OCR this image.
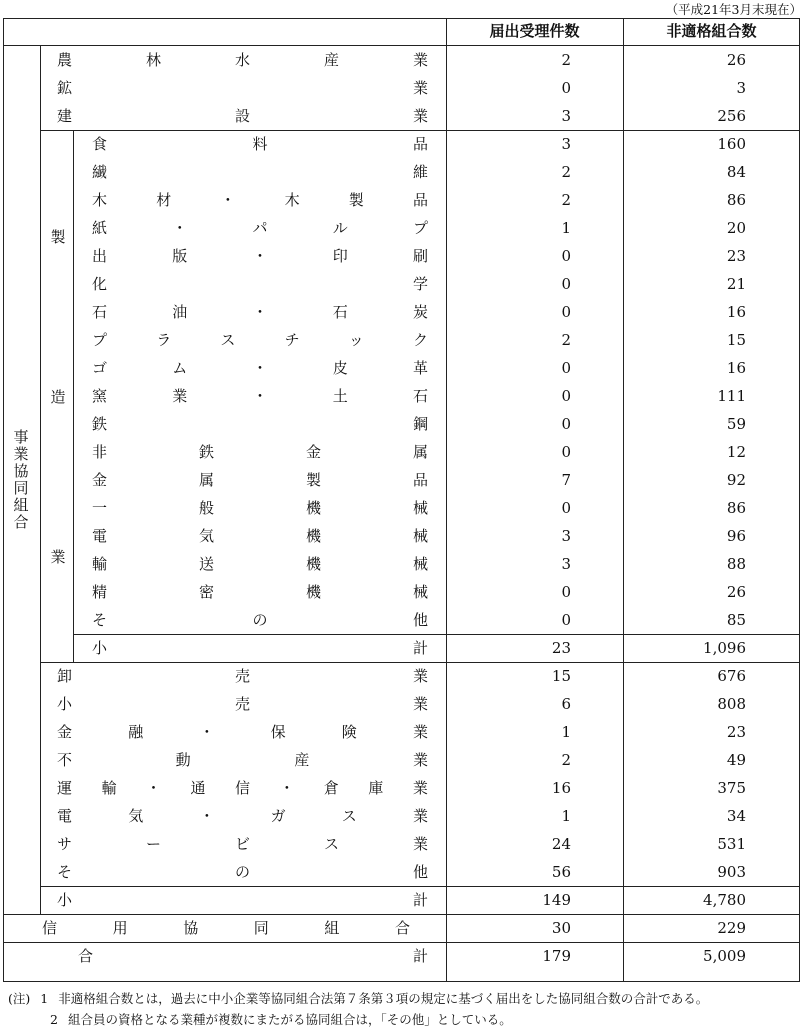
（平成21年3月末現在）
届出受理件数	非適格組合数
事
業
協
同
組
合
製
造
業
農	林	水	産	業	2	26
鉱	業	0	3
建	設	業	3	256
食	料	品	3	160
繊	維	2	84
木	材	・	木	製	品	2	86
紙	・	パ	ル	プ	1	20
出	版	・	印	刷	0	23
化	学	0	21
石	油	・	石	炭	0	16
プ	ラ	ス	チ	ッ	ク	2	15
ゴ	ム	・	皮	革	0	16
窯	業	・	土	石	0	111
鉄	鋼	0	59
非	鉄	金	属	0	12
金	属	製	品	7	92
一	般	機	械	0	86
電	気	機	械	3	96
輸	送	機	械	3	88
精	密	機	械	0	26
そ	の	他	0	85
小	計	23	1,096
卸	売	業	15	676
小	売	業	6	808
金	融	・	保	険	業	1	23
不	動	産	業	2	49
運 輸 ・ 通 信 ・ 倉 庫 業	16	375
電	気	・	ガ	ス	業	1	34
サ	ー	ビ	ス	業	24	531
そ	の	他	56	903
小	計	149	4,780
信	用	協	同	組	合	30	229
合	計	179	5,009
(注) 1 非適格組合数とは，過去に中小企業等協同組合法第７条第３項の規定に基づく届出をした協同組合数の合計である。
2 組合員の資格となる業種が複数にまたがる協同組合は，「その他」としている。
